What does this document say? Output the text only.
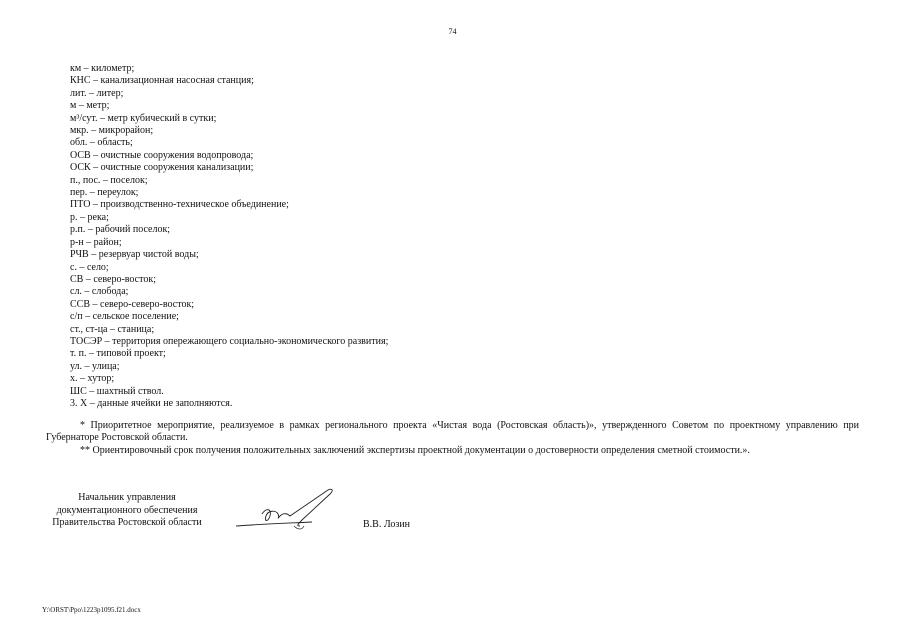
74
км – километр;
КНС – канализационная насосная станция;
лит. – литер;
м – метр;
м³/сут. – метр кубический в сутки;
мкр. – микрорайон;
обл. – область;
ОСВ – очистные сооружения водопровода;
ОСК – очистные сооружения канализации;
п., пос. – поселок;
пер. – переулок;
ПТО – производственно-техническое объединение;
р. – река;
р.п. – рабочий поселок;
р-н – район;
РЧВ – резервуар чистой воды;
с. – село;
СВ – северо-восток;
сл. – слобода;
ССВ – северо-северо-восток;
с/п – сельское поселение;
ст., ст-ца – станица;
ТОСЭР – территория опережающего социально-экономического развития;
т. п. – типовой проект;
ул. – улица;
х. – хутор;
ШС – шахтный ствол.
3. Х – данные ячейки не заполняются.

* Приоритетное мероприятие, реализуемое в рамках регионального проекта «Чистая вода (Ростовская область)», утвержденного Советом по проектному управлению при Губернаторе Ростовской области.

** Ориентировочный срок получения положительных заключений экспертизы проектной документации о достоверности определения сметной стоимости.».

Начальник управления
документационного обеспечения
Правительства Ростовской области	В.В. Лозин
Y:\ORST\Ppo\1223p1095.f21.docx
